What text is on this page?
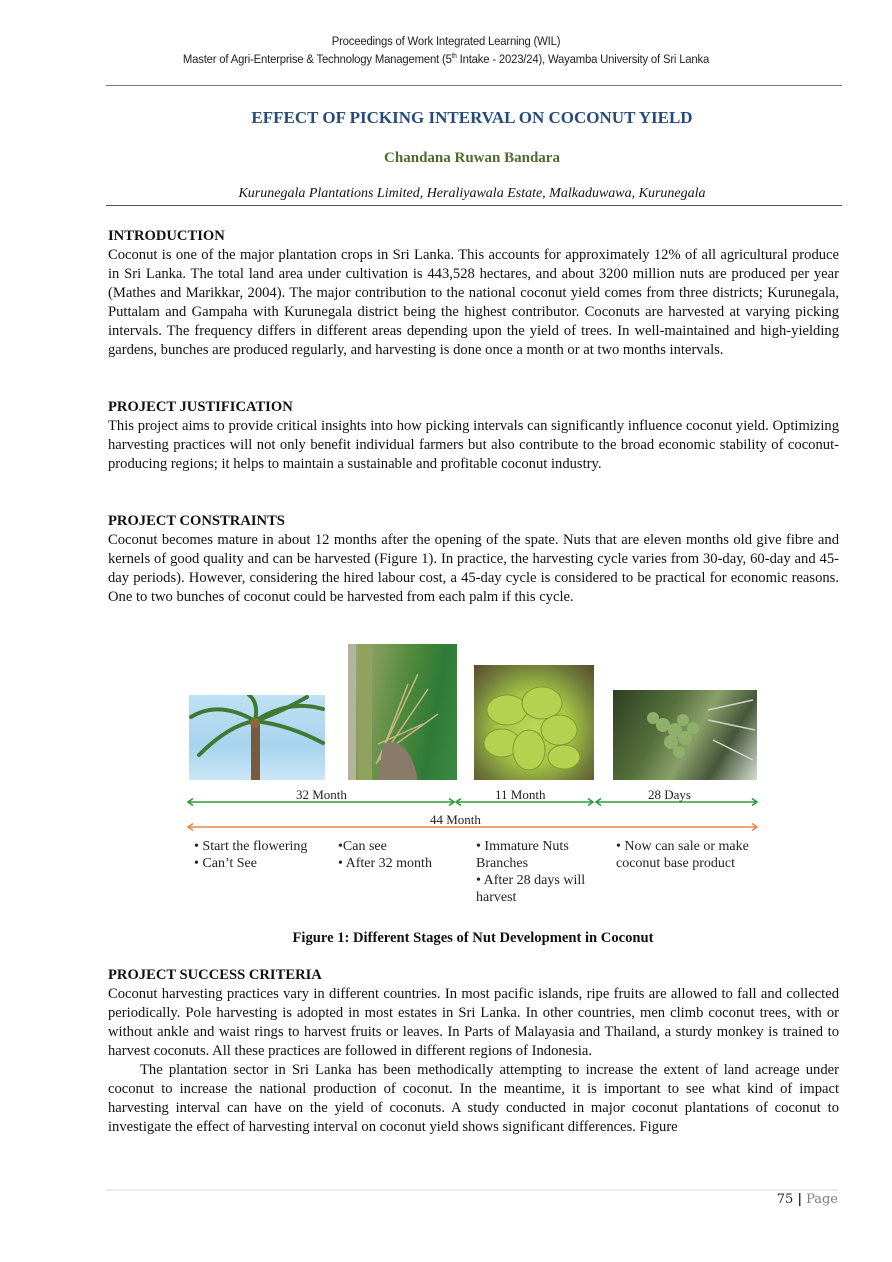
Proceedings of Work Integrated Learning (WIL)
Master of Agri-Enterprise & Technology Management (5th Intake - 2023/24), Wayamba University of Sri Lanka
EFFECT OF PICKING INTERVAL ON COCONUT YIELD
Chandana Ruwan Bandara
Kurunegala Plantations Limited, Heraliyawala Estate, Malkaduwawa, Kurunegala
INTRODUCTION

Coconut is one of the major plantation crops in Sri Lanka. This accounts for approximately 12% of all agricultural produce in Sri Lanka. The total land area under cultivation is 443,528 hectares, and about 3200 million nuts are produced per year (Mathes and Marikkar, 2004). The major contribution to the national coconut yield comes from three districts; Kurunegala, Puttalam and Gampaha with Kurunegala district being the highest contributor. Coconuts are harvested at varying picking intervals. The frequency differs in different areas depending upon the yield of trees. In well-maintained and high-yielding gardens, bunches are produced regularly, and harvesting is done once a month or at two months intervals.

PROJECT JUSTIFICATION

This project aims to provide critical insights into how picking intervals can significantly influence coconut yield. Optimizing harvesting practices will not only benefit individual farmers but also contribute to the broad economic stability of coconut-producing regions; it helps to maintain a sustainable and profitable coconut industry.

PROJECT CONSTRAINTS

Coconut becomes mature in about 12 months after the opening of the spate. Nuts that are eleven months old give fibre and kernels of good quality and can be harvested (Figure 1). In practice, the harvesting cycle varies from 30-day, 60-day and 45-day periods). However, considering the hired labour cost, a 45-day cycle is considered to be practical for economic reasons. One to two bunches of coconut could be harvested from each palm if this cycle.

32 Month	11 Month	28 Days
44 Month
• Start the flowering
• Can’t See
•Can see
• After 32 month
• Immature Nuts Branches
• After 28 days will harvest
• Now can sale or make coconut base product
Figure 1: Different Stages of Nut Development in Coconut
PROJECT SUCCESS CRITERIA

Coconut harvesting practices vary in different countries. In most pacific islands, ripe fruits are allowed to fall and collected periodically. Pole harvesting is adopted in most estates in Sri Lanka. In other countries, men climb coconut trees, with or without ankle and waist rings to harvest fruits or leaves. In Parts of Malayasia and Thailand, a sturdy monkey is trained to harvest coconuts. All these practices are followed in different regions of Indonesia.

The plantation sector in Sri Lanka has been methodically attempting to increase the extent of land acreage under coconut to increase the national production of coconut. In the meantime, it is important to see what kind of impact harvesting interval can have on the yield of coconuts. A study conducted in major coconut plantations of coconut to investigate the effect of harvesting interval on coconut yield shows significant differences. Figure

75 | Page
